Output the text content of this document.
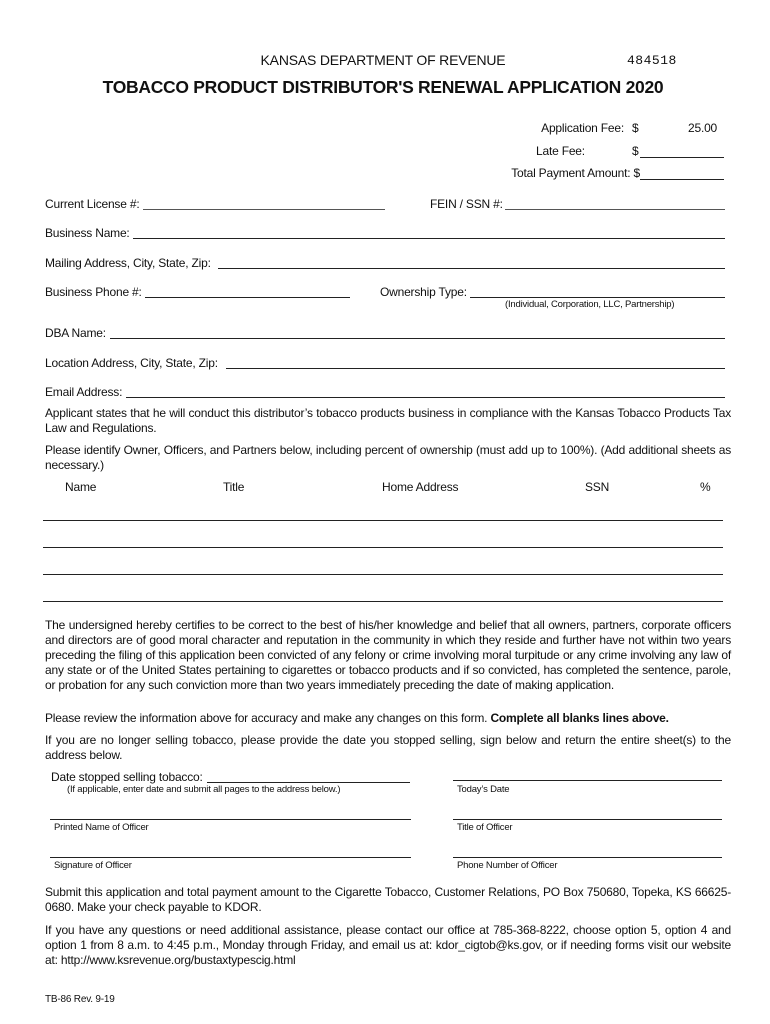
KANSAS DEPARTMENT OF REVENUE	484518
TOBACCO PRODUCT DISTRIBUTOR'S RENEWAL APPLICATION 2020
Application Fee: $	25.00
Late Fee:	$
Total Payment Amount: $
Current License #:	FEIN / SSN #:
Business Name:
Mailing Address, City, State, Zip:
Business Phone #:	Ownership Type:
(Individual, Corporation, LLC, Partnership)
DBA Name:
Location Address, City, State, Zip:
Email Address:
Applicant states that he will conduct this distributor’s tobacco products business in compliance with the Kansas Tobacco Products Tax Law and Regulations.
Please identify Owner, Officers, and Partners below, including percent of ownership (must add up to 100%). (Add additional sheets as necessary.)
Name	Title	Home Address	SSN	%
The undersigned hereby certifies to be correct to the best of his/her knowledge and belief that all owners, partners, corporate officers and directors are of good moral character and reputation in the community in which they reside and further have not within two years preceding the filing of this application been convicted of any felony or crime involving moral turpitude or any crime involving any law of any state or of the United States pertaining to cigarettes or tobacco products and if so convicted, has completed the sentence, parole, or probation for any such conviction more than two years immediately preceding the date of making application.
Please review the information above for accuracy and make any changes on this form. Complete all blanks lines above.
If you are no longer selling tobacco, please provide the date you stopped selling, sign below and return the entire sheet(s) to the address below.
Date stopped selling tobacco:
(If applicable, enter date and submit all pages to the address below.)	Today’s Date
Printed Name of Officer	Title of Officer
Signature of Officer	Phone Number of Officer
Submit this application and total payment amount to the Cigarette Tobacco, Customer Relations, PO Box 750680, Topeka, KS 66625-0680. Make your check payable to KDOR.
If you have any questions or need additional assistance, please contact our office at 785-368-8222, choose option 5, option 4 and option 1 from 8 a.m. to 4:45 p.m., Monday through Friday, and email us at: kdor_cigtob@ks.gov, or if needing forms visit our website at: http://www.ksrevenue.org/bustaxtypescig.html
TB-86 Rev. 9-19
